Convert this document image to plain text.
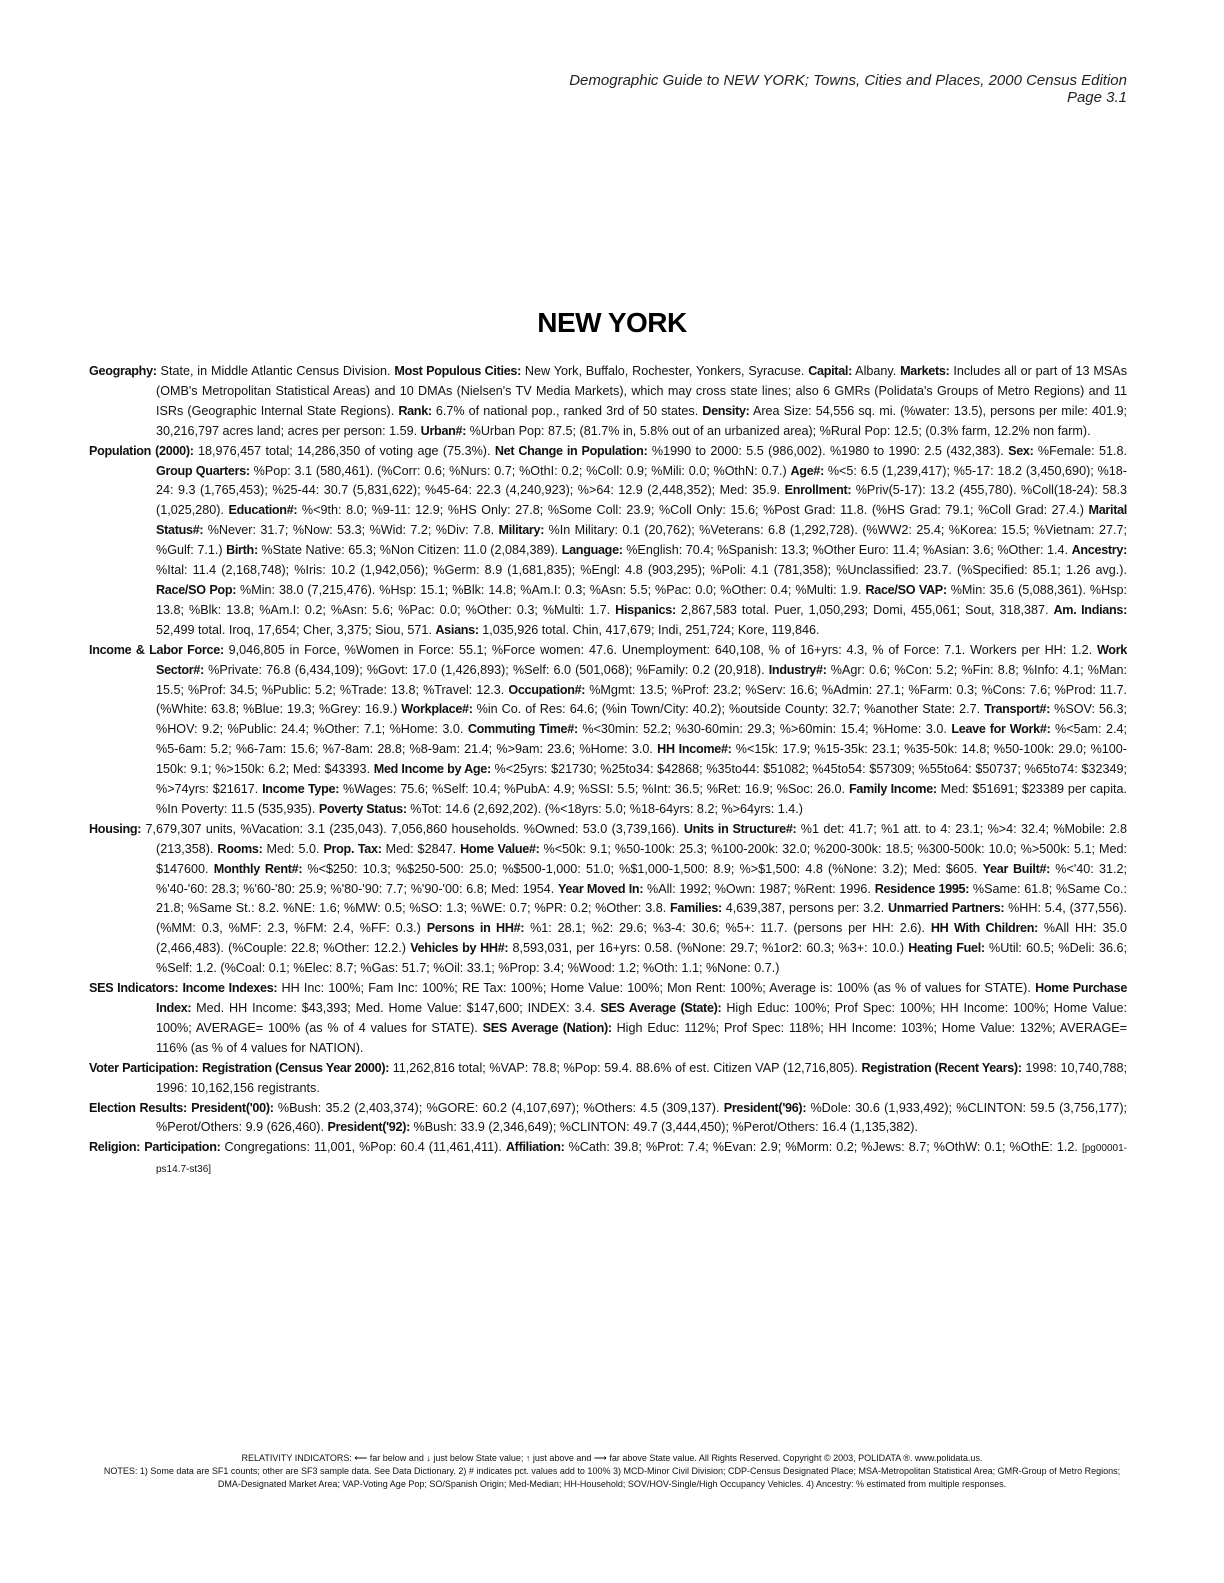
Demographic Guide to NEW YORK; Towns, Cities and Places, 2000 Census Edition
Page 3.1
NEW YORK

Geography: State, in Middle Atlantic Census Division. Most Populous Cities: New York, Buffalo, Rochester, Yonkers, Syracuse. Capital: Albany. Markets: Includes all or part of 13 MSAs (OMB's Metropolitan Statistical Areas) and 10 DMAs (Nielsen's TV Media Markets), which may cross state lines; also 6 GMRs (Polidata's Groups of Metro Regions) and 11 ISRs (Geographic Internal State Regions). Rank: 6.7% of national pop., ranked 3rd of 50 states. Density: Area Size: 54,556 sq. mi. (%water: 13.5), persons per mile: 401.9; 30,216,797 acres land; acres per person: 1.59. Urban#: %Urban Pop: 87.5; (81.7% in, 5.8% out of an urbanized area); %Rural Pop: 12.5; (0.3% farm, 12.2% non farm).

Population (2000): 18,976,457 total; 14,286,350 of voting age (75.3%). Net Change in Population: %1990 to 2000: 5.5 (986,002). %1980 to 1990: 2.5 (432,383). Sex: %Female: 51.8. Group Quarters: %Pop: 3.1 (580,461). (%Corr: 0.6; %Nurs: 0.7; %OthI: 0.2; %Coll: 0.9; %Mili: 0.0; %OthN: 0.7.) Age#: %<5: 6.5 (1,239,417); %5-17: 18.2 (3,450,690); %18-24: 9.3 (1,765,453); %25-44: 30.7 (5,831,622); %45-64: 22.3 (4,240,923); %>64: 12.9 (2,448,352); Med: 35.9. Enrollment: %Priv(5-17): 13.2 (455,780). %Coll(18-24): 58.3 (1,025,280). Education#: %<9th: 8.0; %9-11: 12.9; %HS Only: 27.8; %Some Coll: 23.9; %Coll Only: 15.6; %Post Grad: 11.8. (%HS Grad: 79.1; %Coll Grad: 27.4.) Marital Status#: %Never: 31.7; %Now: 53.3; %Wid: 7.2; %Div: 7.8. Military: %In Military: 0.1 (20,762); %Veterans: 6.8 (1,292,728). (%WW2: 25.4; %Korea: 15.5; %Vietnam: 27.7; %Gulf: 7.1.) Birth: %State Native: 65.3; %Non Citizen: 11.0 (2,084,389). Language: %English: 70.4; %Spanish: 13.3; %Other Euro: 11.4; %Asian: 3.6; %Other: 1.4. Ancestry: %Ital: 11.4 (2,168,748); %Iris: 10.2 (1,942,056); %Germ: 8.9 (1,681,835); %Engl: 4.8 (903,295); %Poli: 4.1 (781,358); %Unclassified: 23.7. (%Specified: 85.1; 1.26 avg.). Race/SO Pop: %Min: 38.0 (7,215,476). %Hsp: 15.1; %Blk: 14.8; %Am.I: 0.3; %Asn: 5.5; %Pac: 0.0; %Other: 0.4; %Multi: 1.9. Race/SO VAP: %Min: 35.6 (5,088,361). %Hsp: 13.8; %Blk: 13.8; %Am.I: 0.2; %Asn: 5.6; %Pac: 0.0; %Other: 0.3; %Multi: 1.7. Hispanics: 2,867,583 total. Puer, 1,050,293; Domi, 455,061; Sout, 318,387. Am. Indians: 52,499 total. Iroq, 17,654; Cher, 3,375; Siou, 571. Asians: 1,035,926 total. Chin, 417,679; Indi, 251,724; Kore, 119,846.

Income & Labor Force: 9,046,805 in Force, %Women in Force: 55.1; %Force women: 47.6. Unemployment: 640,108, % of 16+yrs: 4.3, % of Force: 7.1. Workers per HH: 1.2. Work Sector#: %Private: 76.8 (6,434,109); %Govt: 17.0 (1,426,893); %Self: 6.0 (501,068); %Family: 0.2 (20,918). Industry#: %Agr: 0.6; %Con: 5.2; %Fin: 8.8; %Info: 4.1; %Man: 15.5; %Prof: 34.5; %Public: 5.2; %Trade: 13.8; %Travel: 12.3. Occupation#: %Mgmt: 13.5; %Prof: 23.2; %Serv: 16.6; %Admin: 27.1; %Farm: 0.3; %Cons: 7.6; %Prod: 11.7. (%White: 63.8; %Blue: 19.3; %Grey: 16.9.) Workplace#: %in Co. of Res: 64.6; (%in Town/City: 40.2); %outside County: 32.7; %another State: 2.7. Transport#: %SOV: 56.3; %HOV: 9.2; %Public: 24.4; %Other: 7.1; %Home: 3.0. Commuting Time#: %<30min: 52.2; %30-60min: 29.3; %>60min: 15.4; %Home: 3.0. Leave for Work#: %<5am: 2.4; %5-6am: 5.2; %6-7am: 15.6; %7-8am: 28.8; %8-9am: 21.4; %>9am: 23.6; %Home: 3.0. HH Income#: %<15k: 17.9; %15-35k: 23.1; %35-50k: 14.8; %50-100k: 29.0; %100-150k: 9.1; %>150k: 6.2; Med: $43393. Med Income by Age: %<25yrs: $21730; %25to34: $42868; %35to44: $51082; %45to54: $57309; %55to64: $50737; %65to74: $32349; %>74yrs: $21617. Income Type: %Wages: 75.6; %Self: 10.4; %PubA: 4.9; %SSI: 5.5; %Int: 36.5; %Ret: 16.9; %Soc: 26.0. Family Income: Med: $51691; $23389 per capita. %In Poverty: 11.5 (535,935). Poverty Status: %Tot: 14.6 (2,692,202). (%<18yrs: 5.0; %18-64yrs: 8.2; %>64yrs: 1.4.)

Housing: 7,679,307 units, %Vacation: 3.1 (235,043). 7,056,860 households. %Owned: 53.0 (3,739,166). Units in Structure#: %1 det: 41.7; %1 att. to 4: 23.1; %>4: 32.4; %Mobile: 2.8 (213,358). Rooms: Med: 5.0. Prop. Tax: Med: $2847. Home Value#: %<50k: 9.1; %50-100k: 25.3; %100-200k: 32.0; %200-300k: 18.5; %300-500k: 10.0; %>500k: 5.1; Med: $147600. Monthly Rent#: %<$250: 10.3; %$250-500: 25.0; %$500-1,000: 51.0; %$1,000-1,500: 8.9; %>$1,500: 4.8 (%None: 3.2); Med: $605. Year Built#: %<'40: 31.2; %'40-'60: 28.3; %'60-'80: 25.9; %'80-'90: 7.7; %'90-'00: 6.8; Med: 1954. Year Moved In: %All: 1992; %Own: 1987; %Rent: 1996. Residence 1995: %Same: 61.8; %Same Co.: 21.8; %Same St.: 8.2. %NE: 1.6; %MW: 0.5; %SO: 1.3; %WE: 0.7; %PR: 0.2; %Other: 3.8. Families: 4,639,387, persons per: 3.2. Unmarried Partners: %HH: 5.4, (377,556). (%MM: 0.3, %MF: 2.3, %FM: 2.4, %FF: 0.3.) Persons in HH#: %1: 28.1; %2: 29.6; %3-4: 30.6; %5+: 11.7. (persons per HH: 2.6). HH With Children: %All HH: 35.0 (2,466,483). (%Couple: 22.8; %Other: 12.2.) Vehicles by HH#: 8,593,031, per 16+yrs: 0.58. (%None: 29.7; %1or2: 60.3; %3+: 10.0.) Heating Fuel: %Util: 60.5; %Deli: 36.6; %Self: 1.2. (%Coal: 0.1; %Elec: 8.7; %Gas: 51.7; %Oil: 33.1; %Prop: 3.4; %Wood: 1.2; %Oth: 1.1; %None: 0.7.)

SES Indicators: Income Indexes: HH Inc: 100%; Fam Inc: 100%; RE Tax: 100%; Home Value: 100%; Mon Rent: 100%; Average is: 100% (as % of values for STATE). Home Purchase Index: Med. HH Income: $43,393; Med. Home Value: $147,600; INDEX: 3.4. SES Average (State): High Educ: 100%; Prof Spec: 100%; HH Income: 100%; Home Value: 100%; AVERAGE= 100% (as % of 4 values for STATE). SES Average (Nation): High Educ: 112%; Prof Spec: 118%; HH Income: 103%; Home Value: 132%; AVERAGE= 116% (as % of 4 values for NATION).

Voter Participation: Registration (Census Year 2000): 11,262,816 total; %VAP: 78.8; %Pop: 59.4. 88.6% of est. Citizen VAP (12,716,805). Registration (Recent Years): 1998: 10,740,788; 1996: 10,162,156 registrants.

Election Results: President('00): %Bush: 35.2 (2,403,374); %GORE: 60.2 (4,107,697); %Others: 4.5 (309,137). President('96): %Dole: 30.6 (1,933,492); %CLINTON: 59.5 (3,756,177); %Perot/Others: 9.9 (626,460). President('92): %Bush: 33.9 (2,346,649); %CLINTON: 49.7 (3,444,450); %Perot/Others: 16.4 (1,135,382).

Religion: Participation: Congregations: 11,001, %Pop: 60.4 (11,461,411). Affiliation: %Cath: 39.8; %Prot: 7.4; %Evan: 2.9; %Morm: 0.2; %Jews: 8.7; %OthW: 0.1; %OthE: 1.2. [pg00001-ps14.7-st36]

RELATIVITY INDICATORS: ⟵ far below and ↓ just below State value; ↑ just above and ⟶ far above State value. All Rights Reserved. Copyright © 2003, POLIDATA ®. www.polidata.us.
NOTES: 1) Some data are SF1 counts; other are SF3 sample data. See Data Dictionary. 2) # indicates pct. values add to 100% 3) MCD-Minor Civil Division; CDP-Census Designated Place; MSA-Metropolitan Statistical Area; GMR-Group of Metro Regions; DMA-Designated Market Area; VAP-Voting Age Pop; SO/Spanish Origin; Med-Median; HH-Household; SOV/HOV-Single/High Occupancy Vehicles. 4) Ancestry: % estimated from multiple responses.
